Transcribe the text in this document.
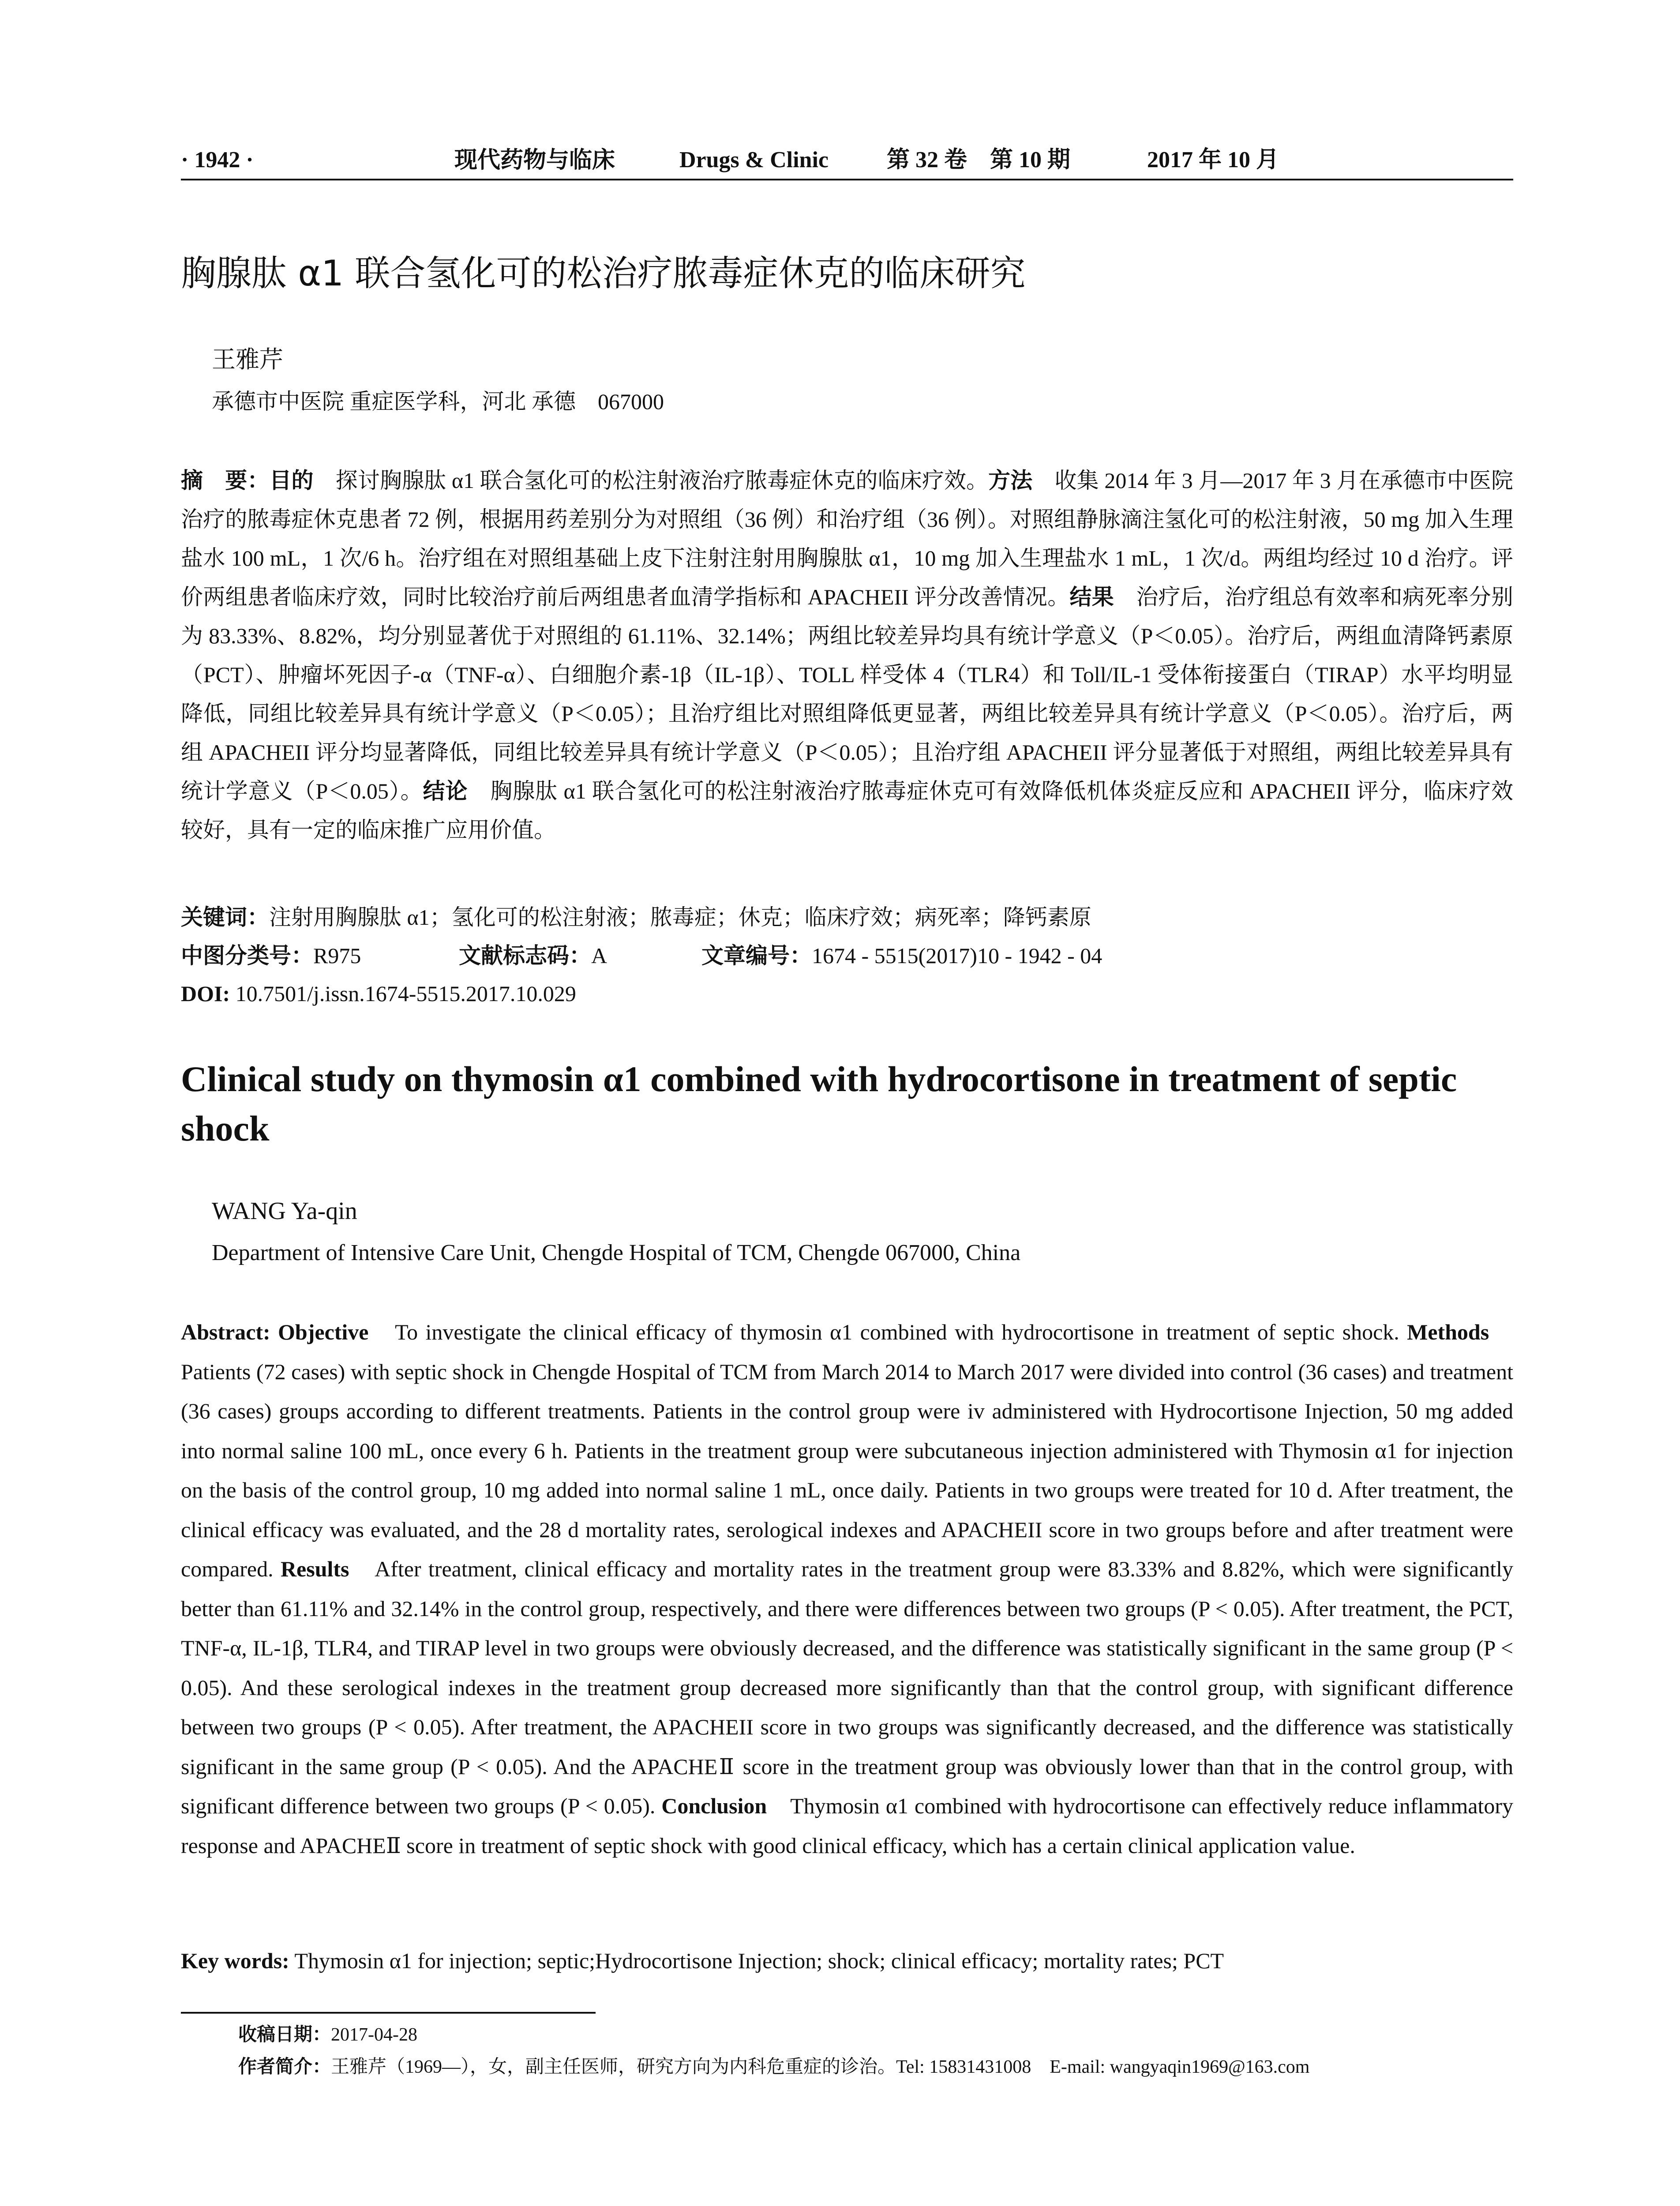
· 1942 ·	现代药物与临床	Drugs & Clinic	第 32 卷　第 10 期	2017 年 10 月
胸腺肽 α1 联合氢化可的松治疗脓毒症休克的临床研究
王雅芹
承德市中医院 重症医学科，河北 承德　067000
摘　要：目的　探讨胸腺肽 α1 联合氢化可的松注射液治疗脓毒症休克的临床疗效。方法　收集 2014 年 3 月—2017 年 3 月在承德市中医院治疗的脓毒症休克患者 72 例，根据用药差别分为对照组（36 例）和治疗组（36 例）。对照组静脉滴注氢化可的松注射液，50 mg 加入生理盐水 100 mL，1 次/6 h。治疗组在对照组基础上皮下注射注射用胸腺肽 α1，10 mg 加入生理盐水 1 mL，1 次/d。两组均经过 10 d 治疗。评价两组患者临床疗效，同时比较治疗前后两组患者血清学指标和 APACHEII 评分改善情况。结果　治疗后，治疗组总有效率和病死率分别为 83.33%、8.82%，均分别显著优于对照组的 61.11%、32.14%；两组比较差异均具有统计学意义（P＜0.05）。治疗后，两组血清降钙素原（PCT）、肿瘤坏死因子-α（TNF-α）、白细胞介素-1β（IL-1β）、TOLL 样受体 4（TLR4）和 Toll/IL-1 受体衔接蛋白（TIRAP）水平均明显降低，同组比较差异具有统计学意义（P＜0.05）；且治疗组比对照组降低更显著，两组比较差异具有统计学意义（P＜0.05）。治疗后，两组 APACHEII 评分均显著降低，同组比较差异具有统计学意义（P＜0.05）；且治疗组 APACHEII 评分显著低于对照组，两组比较差异具有统计学意义（P＜0.05）。结论　胸腺肽 α1 联合氢化可的松注射液治疗脓毒症休克可有效降低机体炎症反应和 APACHEII 评分，临床疗效较好，具有一定的临床推广应用价值。
关键词：注射用胸腺肽 α1；氢化可的松注射液；脓毒症；休克；临床疗效；病死率；降钙素原
中图分类号：R975	文献标志码：A	文章编号：1674 - 5515(2017)10 - 1942 - 04
DOI: 10.7501/j.issn.1674-5515.2017.10.029
Clinical study on thymosin α1 combined with hydrocortisone in treatment of septic shock
WANG Ya-qin
Department of Intensive Care Unit, Chengde Hospital of TCM, Chengde 067000, China
Abstract: Objective　To investigate the clinical efficacy of thymosin α1 combined with hydrocortisone in treatment of septic shock. Methods　Patients (72 cases) with septic shock in Chengde Hospital of TCM from March 2014 to March 2017 were divided into control (36 cases) and treatment (36 cases) groups according to different treatments. Patients in the control group were iv administered with Hydrocortisone Injection, 50 mg added into normal saline 100 mL, once every 6 h. Patients in the treatment group were subcutaneous injection administered with Thymosin α1 for injection on the basis of the control group, 10 mg added into normal saline 1 mL, once daily. Patients in two groups were treated for 10 d. After treatment, the clinical efficacy was evaluated, and the 28 d mortality rates, serological indexes and APACHEII score in two groups before and after treatment were compared. Results　After treatment, clinical efficacy and mortality rates in the treatment group were 83.33% and 8.82%, which were significantly better than 61.11% and 32.14% in the control group, respectively, and there were differences between two groups (P < 0.05). After treatment, the PCT, TNF-α, IL-1β, TLR4, and TIRAP level in two groups were obviously decreased, and the difference was statistically significant in the same group (P < 0.05). And these serological indexes in the treatment group decreased more significantly than that the control group, with significant difference between two groups (P < 0.05). After treatment, the APACHEII score in two groups was significantly decreased, and the difference was statistically significant in the same group (P < 0.05). And the APACHEⅡ score in the treatment group was obviously lower than that in the control group, with significant difference between two groups (P < 0.05). Conclusion　Thymosin α1 combined with hydrocortisone can effectively reduce inflammatory response and APACHEⅡ score in treatment of septic shock with good clinical efficacy, which has a certain clinical application value.
Key words: Thymosin α1 for injection; septic;Hydrocortisone Injection; shock; clinical efficacy; mortality rates; PCT
收稿日期：2017-04-28
作者简介：王雅芹（1969—），女，副主任医师，研究方向为内科危重症的诊治。Tel: 15831431008　E-mail: wangyaqin1969@163.com
